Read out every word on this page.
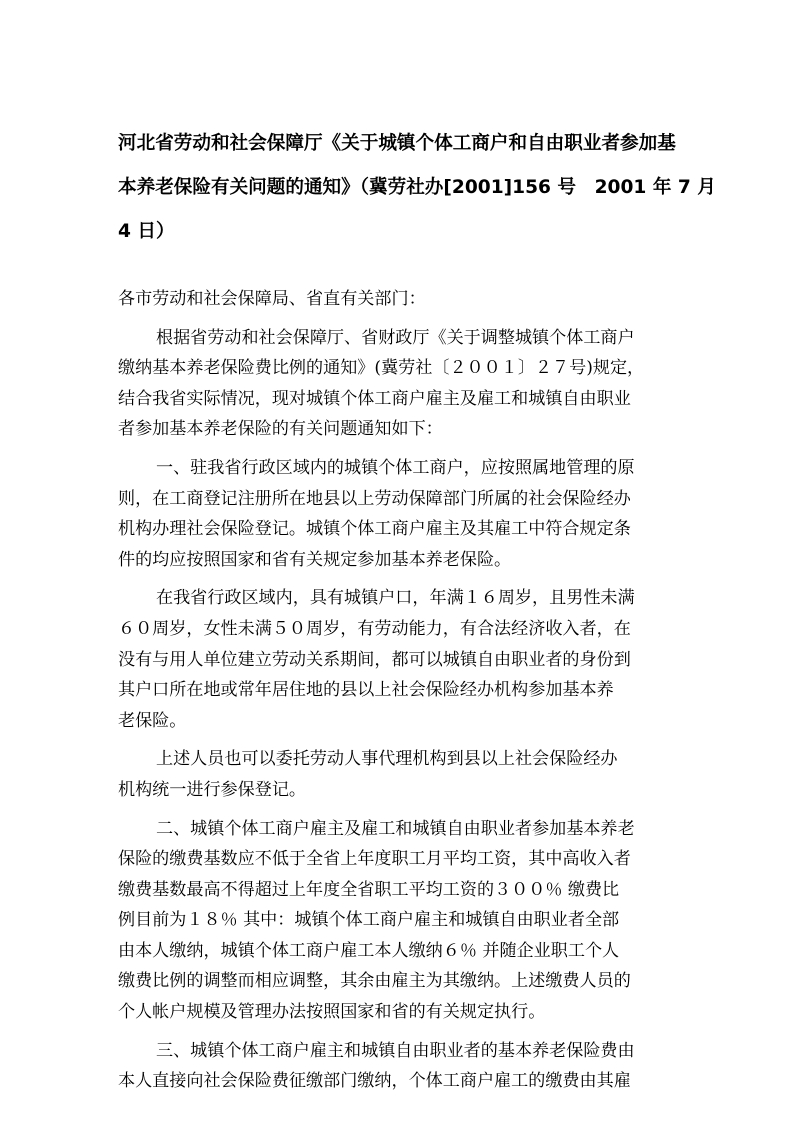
河北省劳动和社会保障厅《关于城镇个体工商户和自由职业者参加基
本养老保险有关问题的通知》（冀劳社办[2001]156 号　2001 年 7 月
4 日）
各市劳动和社会保障局、省直有关部门：
根据省劳动和社会保障厅、省财政厅《关于调整城镇个体工商户
缴纳基本养老保险费比例的通知》(冀劳社〔２００１〕２７号)规定，
结合我省实际情况，现对城镇个体工商户雇主及雇工和城镇自由职业
者参加基本养老保险的有关问题通知如下：
一、驻我省行政区域内的城镇个体工商户，应按照属地管理的原
则，在工商登记注册所在地县以上劳动保障部门所属的社会保险经办
机构办理社会保险登记。城镇个体工商户雇主及其雇工中符合规定条
件的均应按照国家和省有关规定参加基本养老保险。
在我省行政区域内，具有城镇户口，年满１６周岁，且男性未满
６０周岁，女性未满５０周岁，有劳动能力，有合法经济收入者，在
没有与用人单位建立劳动关系期间，都可以城镇自由职业者的身份到
其户口所在地或常年居住地的县以上社会保险经办机构参加基本养
老保险。
上述人员也可以委托劳动人事代理机构到县以上社会保险经办
机构统一进行参保登记。
二、城镇个体工商户雇主及雇工和城镇自由职业者参加基本养老
保险的缴费基数应不低于全省上年度职工月平均工资，其中高收入者
缴费基数最高不得超过上年度全省职工平均工资的３００％ 缴费比
例目前为１８％ 其中：城镇个体工商户雇主和城镇自由职业者全部
由本人缴纳，城镇个体工商户雇工本人缴纳６％ 并随企业职工个人
缴费比例的调整而相应调整，其余由雇主为其缴纳。上述缴费人员的
个人帐户规模及管理办法按照国家和省的有关规定执行。
三、城镇个体工商户雇主和城镇自由职业者的基本养老保险费由
本人直接向社会保险费征缴部门缴纳，个体工商户雇工的缴费由其雇
